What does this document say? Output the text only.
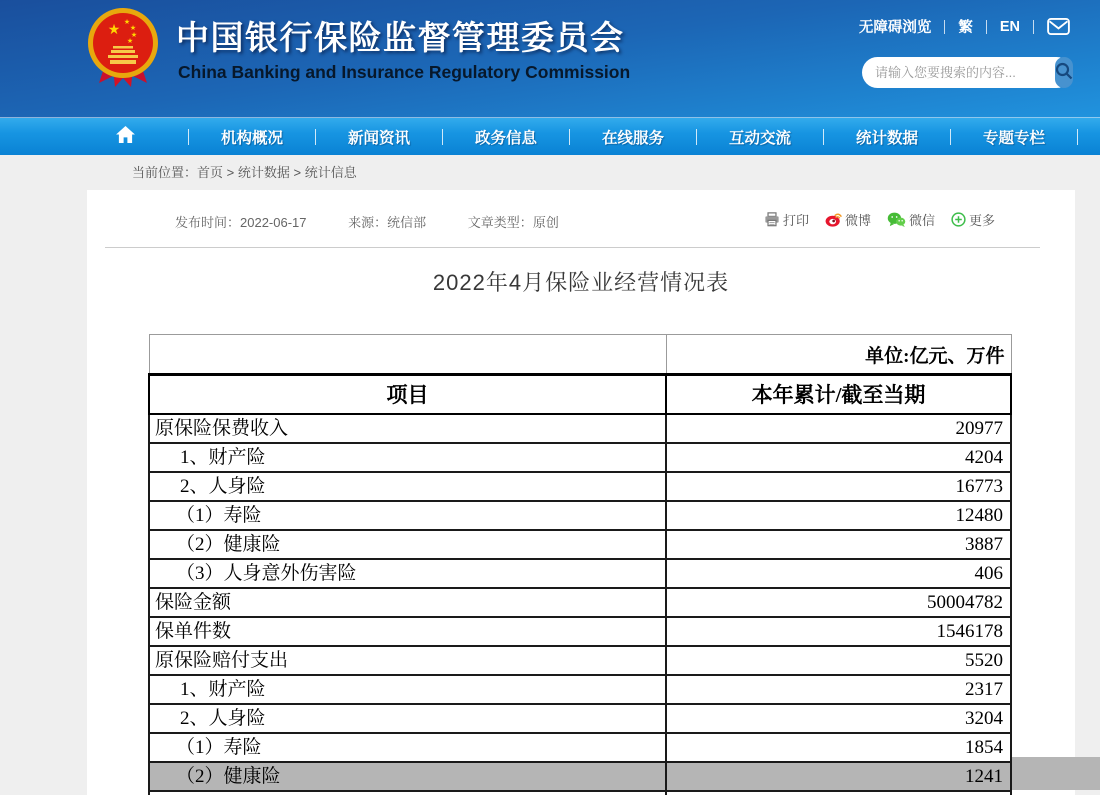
★ ★
★
★
★ 中国银行保险监督管理委员会
China Banking and Insurance Regulatory Commission
无障碍浏览 繁 EN
请输入您要搜索的内容...
机构概况	新闻资讯	政务信息	在线服务	互动交流	统计数据	专题专栏
当前位置：首页 > 统计数据 > 统计信息
发布时间：2022-06-17	来源：统信部	文章类型：原创	打印	微博	微信	更多
2022年4月保险业经营情况表
	单位:亿元、万件
项目	本年累计/截至当期
原保险保费收入	20977
1、财产险	4204
2、人身险	16773
（1）寿险	12480
（2）健康险	3887
（3）人身意外伤害险	406
保险金额	50004782
保单件数	1546178
原保险赔付支出	5520
1、财产险	2317
2、人身险	3204
（1）寿险	1854
（2）健康险	1241
